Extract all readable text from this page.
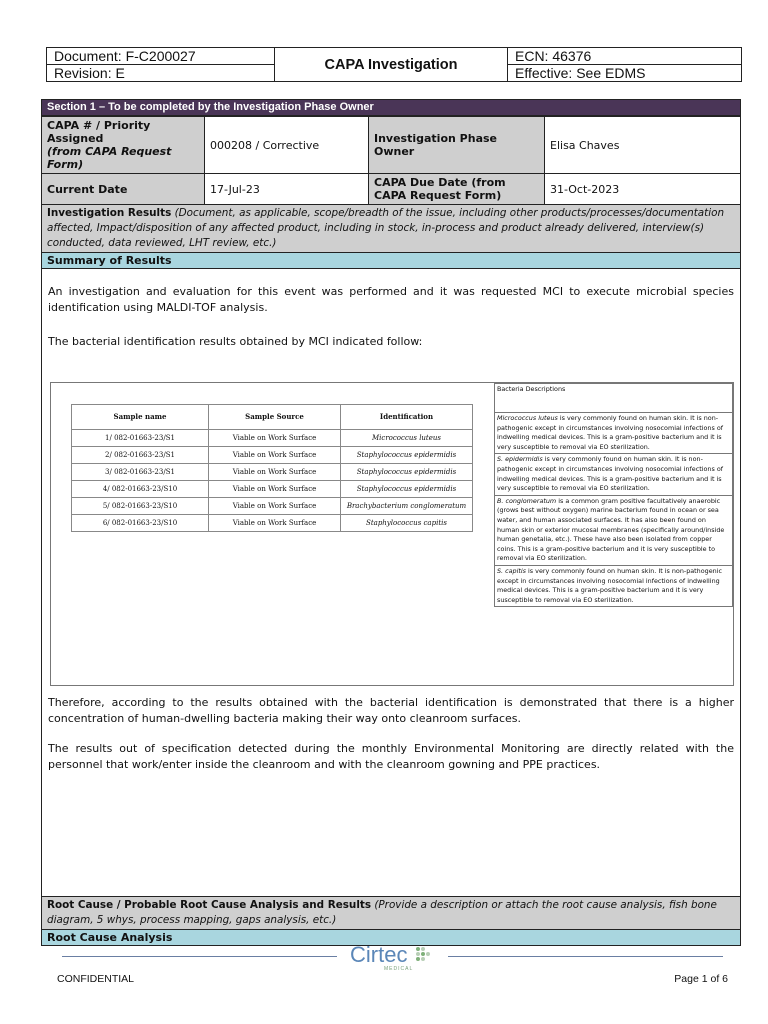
Document: F-C200027	CAPA Investigation	ECN: 46376
Revision: E		Effective: See EDMS
Section 1 – To be completed by the Investigation Phase Owner
CAPA # / Priority Assigned
(from CAPA Request Form)	000208 / Corrective	Investigation Phase Owner	Elisa Chaves
Current Date	17-Jul-23	CAPA Due Date (from CAPA Request Form)	31-Oct-2023
Investigation Results (Document, as applicable, scope/breadth of the issue, including other products/processes/documentation affected, Impact/disposition of any affected product, including in stock, in-process and product already delivered, interview(s) conducted, data reviewed, LHT review, etc.)
Summary of Results
An investigation and evaluation for this event was performed and it was requested MCI to execute microbial species identification using MALDI-TOF analysis.
The bacterial identification results obtained by MCI indicated follow:
Sample name	Sample Source	Identification
1/ 082-01663-23/S1	Viable on Work Surface	Micrococcus luteus
2/ 082-01663-23/S1	Viable on Work Surface	Staphylococcus epidermidis
3/ 082-01663-23/S1	Viable on Work Surface	Staphylococcus epidermidis
4/ 082-01663-23/S10	Viable on Work Surface	Staphylococcus epidermidis
5/ 082-01663-23/S10	Viable on Work Surface	Brachybacterium conglomeratum
6/ 082-01663-23/S10	Viable on Work Surface	Staphylococcus capitis
Bacteria Descriptions
Micrococcus luteus is very commonly found on human skin. It is non-pathogenic except in circumstances involving nosocomial infections of indwelling medical devices. This is a gram-positive bacterium and it is very susceptible to removal via EO sterilization.
S. epidermidis is very commonly found on human skin. It is non-pathogenic except in circumstances involving nosocomial infections of indwelling medical devices. This is a gram-positive bacterium and it is very susceptible to removal via EO sterilization.
B. conglomeratum is a common gram positive facultatively anaerobic (grows best without oxygen) marine bacterium found in ocean or sea water, and human associated surfaces. It has also been found on human skin or exterior mucosal membranes (specifically around/inside human genetalia, etc.). These have also been isolated from copper coins. This is a gram-positive bacterium and it is very susceptible to removal via EO sterilization.
S. capitis is very commonly found on human skin. It is non-pathogenic except in circumstances involving nosocomial infections of indwelling medical devices. This is a gram-positive bacterium and it is very susceptible to removal via EO sterilization.
Therefore, according to the results obtained with the bacterial identification is demonstrated that there is a higher concentration of human-dwelling bacteria making their way onto cleanroom surfaces.
The results out of specification detected during the monthly Environmental Monitoring are directly related with the personnel that work/enter inside the cleanroom and with the cleanroom gowning and PPE practices.
Root Cause / Probable Root Cause Analysis and Results (Provide a description or attach the root cause analysis, fish bone diagram, 5 whys, process mapping, gaps analysis, etc.)
Root Cause Analysis
Cirtec
MEDICAL
CONFIDENTIAL	Page 1 of 6
